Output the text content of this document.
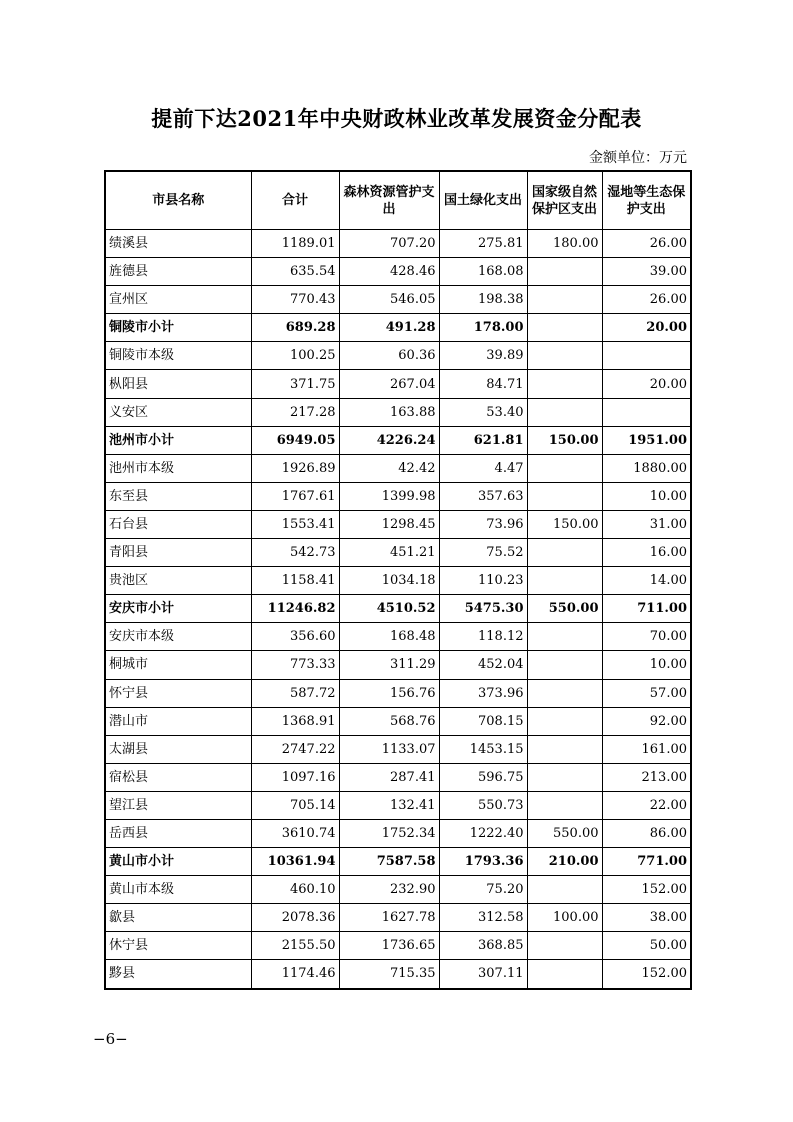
提前下达2021年中央财政林业改革发展资金分配表
金额单位：万元
市县名称	合计	森林资源管护支出	国土绿化支出	国家级自然保护区支出	湿地等生态保护支出
绩溪县	1189.01	707.20	275.81	180.00	26.00
旌德县	635.54	428.46	168.08		39.00
宣州区	770.43	546.05	198.38		26.00
铜陵市小计	689.28	491.28	178.00		20.00
铜陵市本级	100.25	60.36	39.89		
枞阳县	371.75	267.04	84.71		20.00
义安区	217.28	163.88	53.40		
池州市小计	6949.05	4226.24	621.81	150.00	1951.00
池州市本级	1926.89	42.42	4.47		1880.00
东至县	1767.61	1399.98	357.63		10.00
石台县	1553.41	1298.45	73.96	150.00	31.00
青阳县	542.73	451.21	75.52		16.00
贵池区	1158.41	1034.18	110.23		14.00
安庆市小计	11246.82	4510.52	5475.30	550.00	711.00
安庆市本级	356.60	168.48	118.12		70.00
桐城市	773.33	311.29	452.04		10.00
怀宁县	587.72	156.76	373.96		57.00
潜山市	1368.91	568.76	708.15		92.00
太湖县	2747.22	1133.07	1453.15		161.00
宿松县	1097.16	287.41	596.75		213.00
望江县	705.14	132.41	550.73		22.00
岳西县	3610.74	1752.34	1222.40	550.00	86.00
黄山市小计	10361.94	7587.58	1793.36	210.00	771.00
黄山市本级	460.10	232.90	75.20		152.00
歙县	2078.36	1627.78	312.58	100.00	38.00
休宁县	2155.50	1736.65	368.85		50.00
黟县	1174.46	715.35	307.11		152.00
−6−
